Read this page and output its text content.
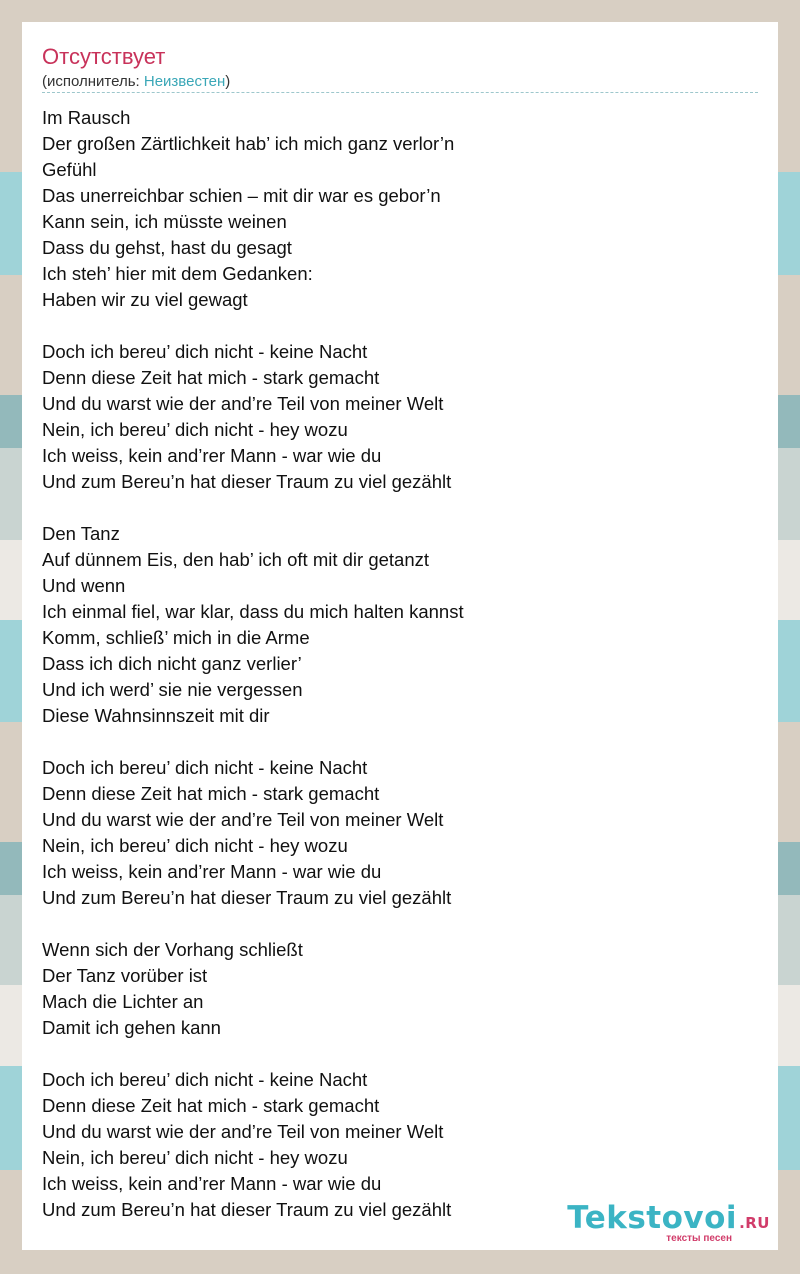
Отсутствует
(исполнитель: Неизвестен)
Im Rausch
Der großen Zärtlichkeit hab’ ich mich ganz verlor’n
Gefühl
Das unerreichbar schien – mit dir war es gebor’n
Kann sein, ich müsste weinen
Dass du gehst, hast du gesagt
Ich steh’ hier mit dem Gedanken:
Haben wir zu viel gewagt
Doch ich bereu’ dich nicht - keine Nacht
Denn diese Zeit hat mich - stark gemacht
Und du warst wie der and’re Teil von meiner Welt
Nein, ich bereu’ dich nicht - hey wozu
Ich weiss, kein and’rer Mann - war wie du
Und zum Bereu’n hat dieser Traum zu viel gezählt
Den Tanz
Auf dünnem Eis, den hab’ ich oft mit dir getanzt
Und wenn
Ich einmal fiel, war klar, dass du mich halten kannst
Komm, schließ’ mich in die Arme
Dass ich dich nicht ganz verlier’
Und ich werd’ sie nie vergessen
Diese Wahnsinnszeit mit dir
Doch ich bereu’ dich nicht - keine Nacht
Denn diese Zeit hat mich - stark gemacht
Und du warst wie der and’re Teil von meiner Welt
Nein, ich bereu’ dich nicht - hey wozu
Ich weiss, kein and’rer Mann - war wie du
Und zum Bereu’n hat dieser Traum zu viel gezählt
Wenn sich der Vorhang schließt
Der Tanz vorüber ist
Mach die Lichter an
Damit ich gehen kann
Doch ich bereu’ dich nicht - keine Nacht
Denn diese Zeit hat mich - stark gemacht
Und du warst wie der and’re Teil von meiner Welt
Nein, ich bereu’ dich nicht - hey wozu
Ich weiss, kein and’rer Mann - war wie du
Und zum Bereu’n hat dieser Traum zu viel gezählt	Tekstovoi .RU
тексты песен
